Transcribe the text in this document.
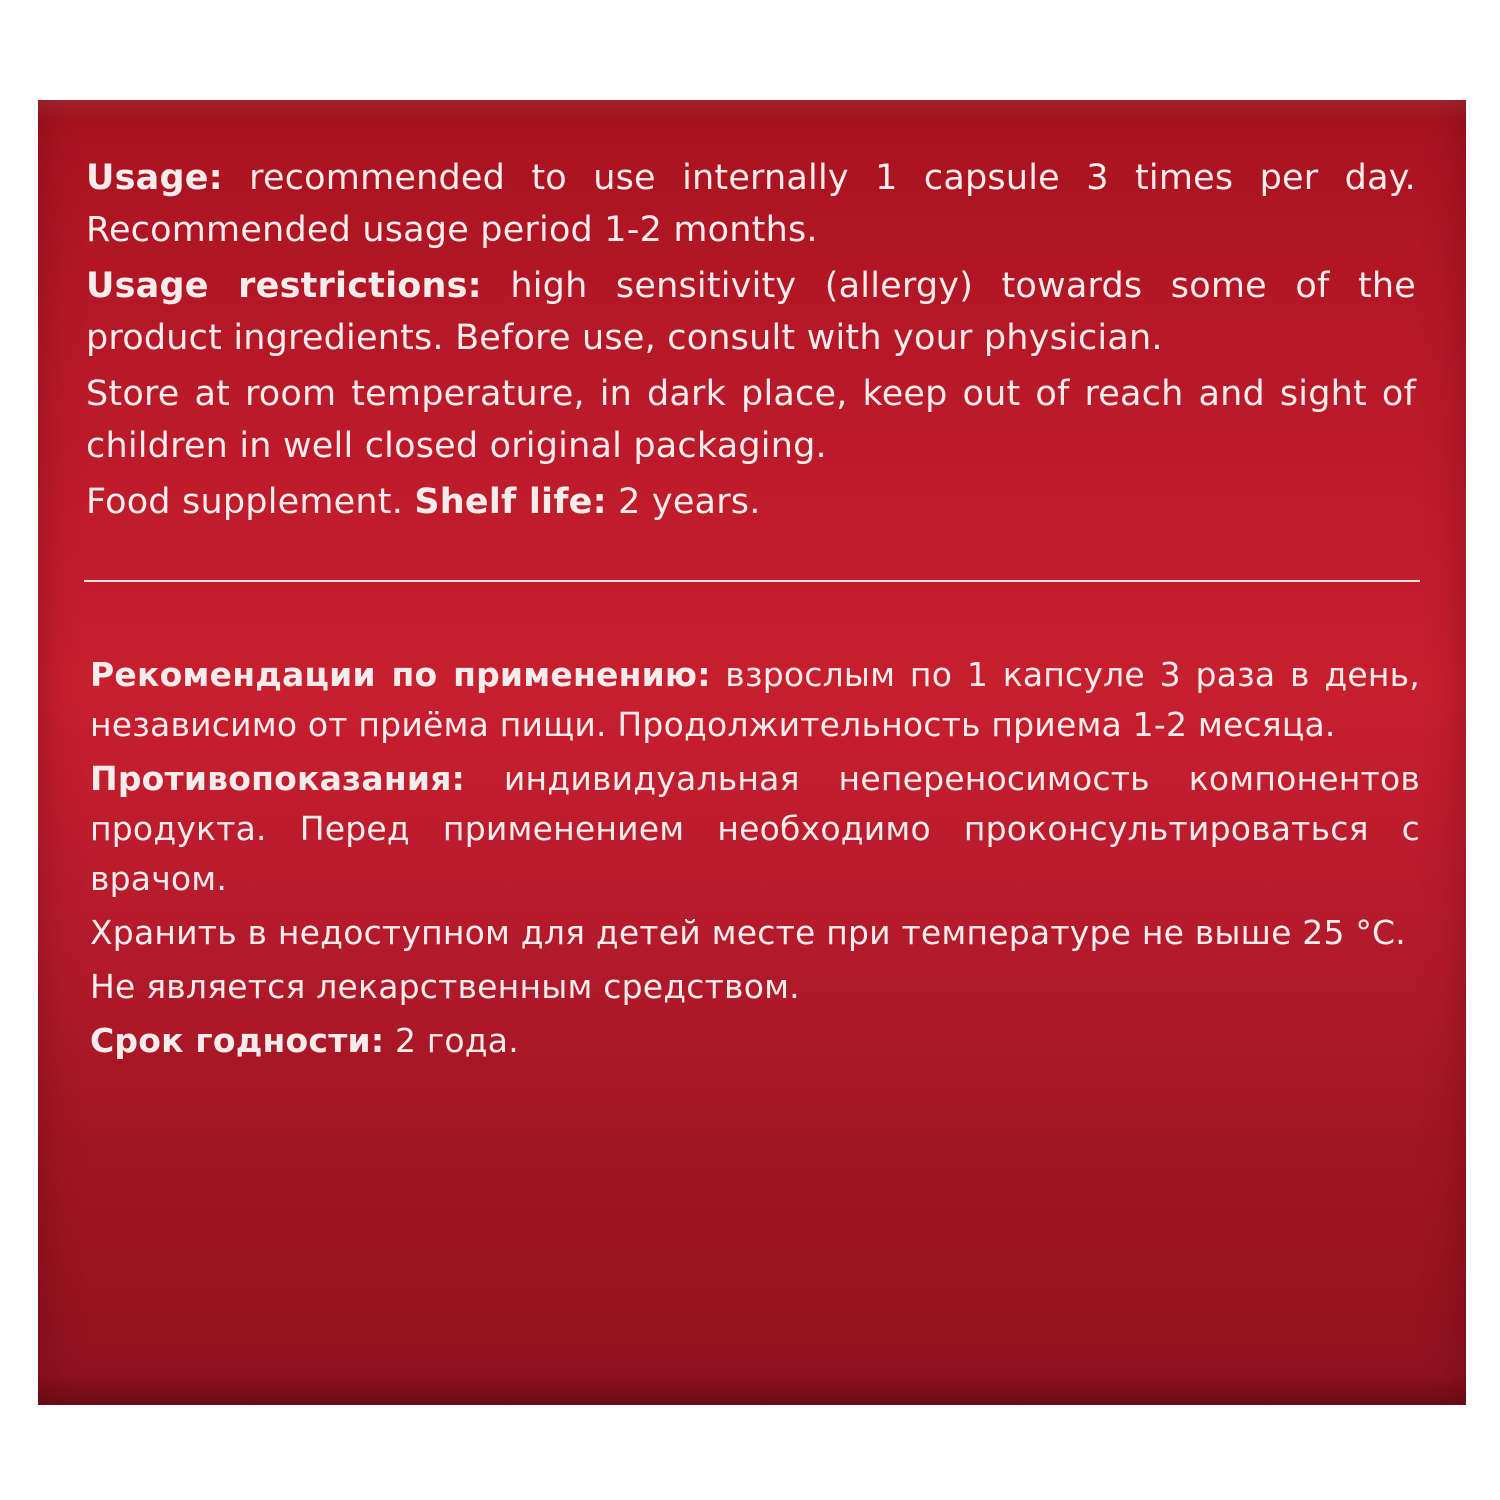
Usage: recommended to use internally 1 capsule 3 times per day. Recommended usage period 1-2 months.

Usage restrictions: high sensitivity (allergy) towards some of the product ingredients. Before use, consult with your physician.

Store at room temperature, in dark place, keep out of reach and sight of children in well closed original packaging.

Food supplement. Shelf life: 2 years.

Рекомендации по применению: взрослым по 1 капсуле 3 раза в день, независимо от приёма пищи. Продолжительность приема 1-2 месяца.

Противопоказания: индивидуальная непереносимость компонентов продукта. Перед применением необходимо проконсультироваться с врачом.

Хранить в недоступном для детей месте при температуре не выше 25 °С.

Не является лекарственным средством.

Срок годности: 2 года.
